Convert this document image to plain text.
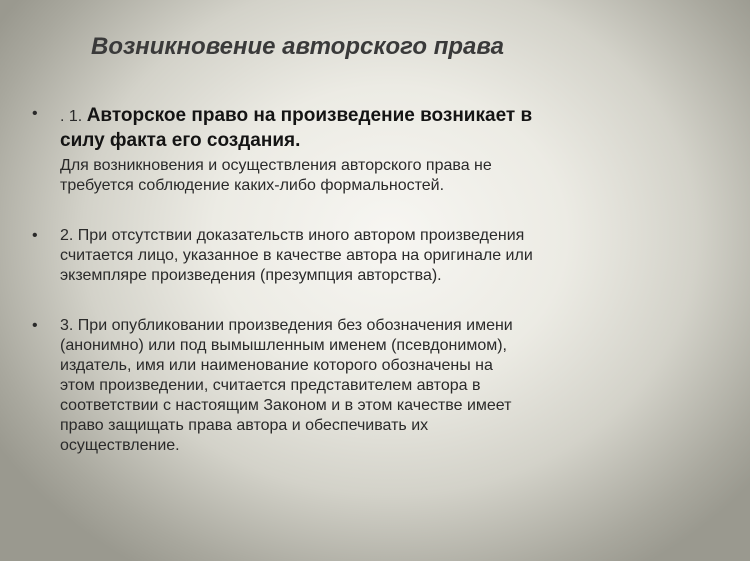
Возникновение авторского права
• . 1. Авторское право на произведение возникает в
силу факта его создания.
Для возникновения и осуществления авторского права не
требуется соблюдение каких-либо формальностей.
• 2. При отсутствии доказательств иного автором произведения
считается лицо, указанное в качестве автора на оригинале или
экземпляре произведения (презумпция авторства).
• 3. При опубликовании произведения без обозначения имени
(анонимно) или под вымышленным именем (псевдонимом),
издатель, имя или наименование которого обозначены на
этом произведении, считается представителем автора в
соответствии с настоящим Законом и в этом качестве имеет
право защищать права автора и обеспечивать их
осуществление.
